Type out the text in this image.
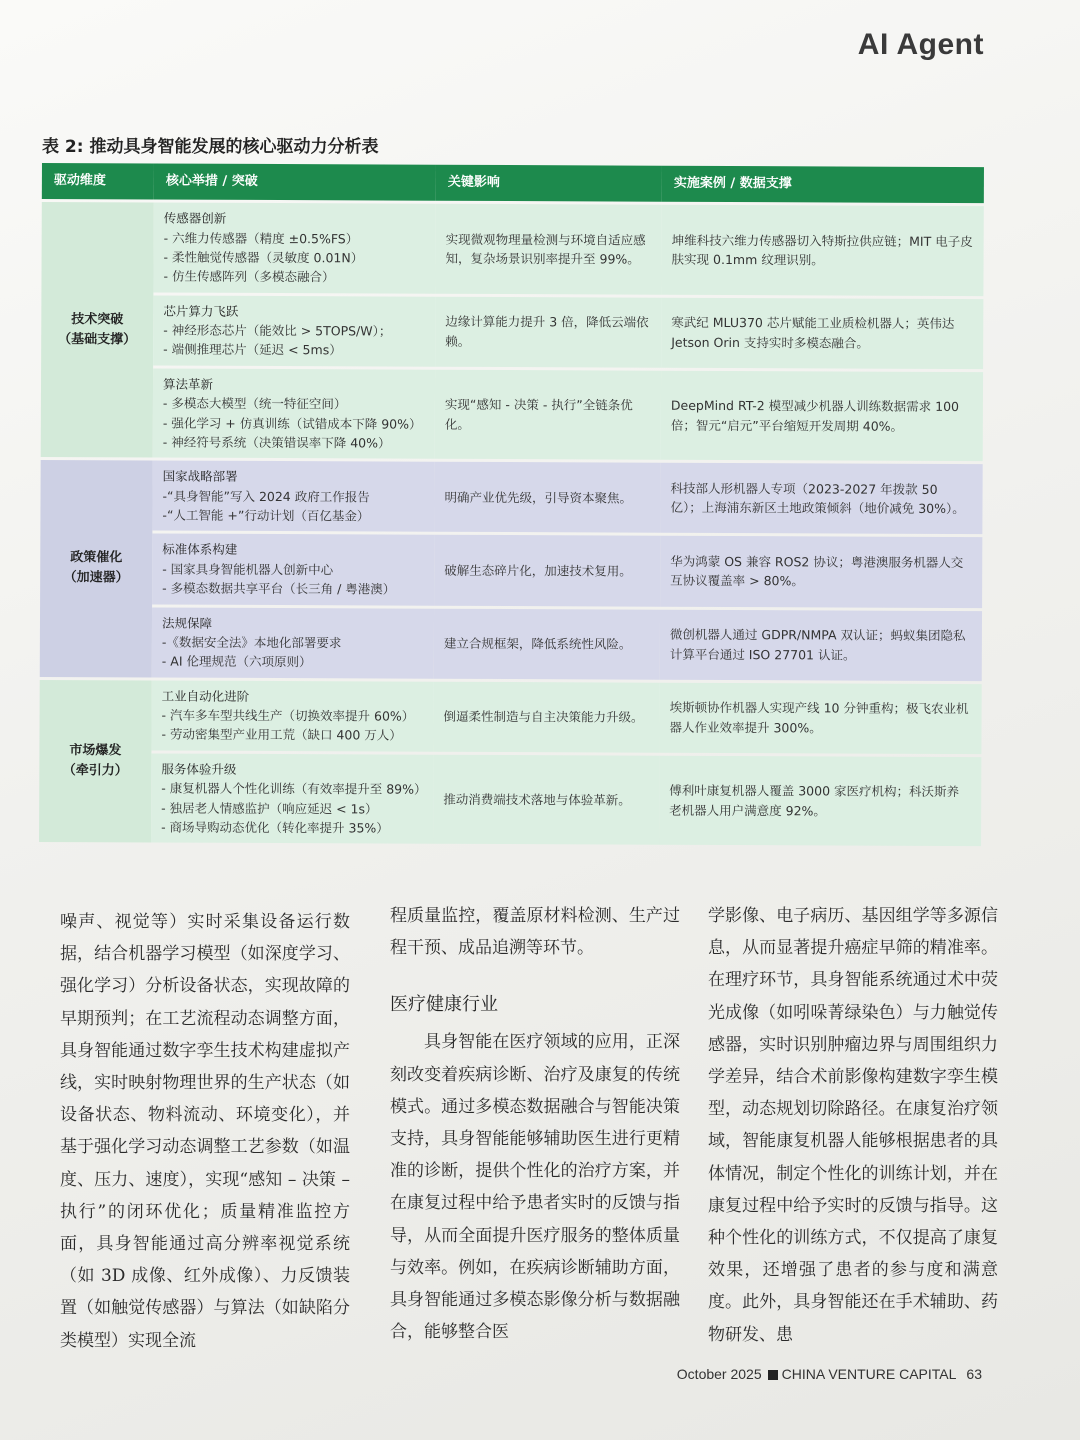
AI Agent
表 2: 推动具身智能发展的核心驱动力分析表
驱动维度	核心举措 / 突破	关键影响	实施案例 / 数据支撑

技术突破
（基础支撑）	传感器创新
- 六维力传感器（精度 ±0.5%FS）
- 柔性触觉传感器（灵敏度 0.01N）
- 仿生传感阵列（多模态融合）	实现微观物理量检测与环境自适应感知，复杂场景识别率提升至 99%。	坤维科技六维力传感器切入特斯拉供应链；MIT 电子皮肤实现 0.1mm 纹理识别。

	芯片算力飞跃
- 神经形态芯片（能效比 > 5TOPS/W）；
- 端侧推理芯片（延迟 < 5ms）	边缘计算能力提升 3 倍，降低云端依赖。	寒武纪 MLU370 芯片赋能工业质检机器人；英伟达 Jetson Orin 支持实时多模态融合。

	算法革新
- 多模态大模型（统一特征空间）
- 强化学习 + 仿真训练（试错成本下降 90%）
- 神经符号系统（决策错误率下降 40%）	实现“感知 - 决策 - 执行”全链条优化。	DeepMind RT-2 模型减少机器人训练数据需求 100 倍；智元“启元”平台缩短开发周期 40%。

政策催化
（加速器）	国家战略部署
-“具身智能”写入 2024 政府工作报告
-“人工智能 +”行动计划（百亿基金）	明确产业优先级，引导资本聚焦。	科技部人形机器人专项（2023-2027 年拨款 50 亿）；上海浦东新区土地政策倾斜（地价减免 30%）。

	标准体系构建
- 国家具身智能机器人创新中心
- 多模态数据共享平台（长三角 / 粤港澳）	破解生态碎片化，加速技术复用。	华为鸿蒙 OS 兼容 ROS2 协议；粤港澳服务机器人交互协议覆盖率 > 80%。

	法规保障
-《数据安全法》本地化部署要求
- AI 伦理规范（六项原则）	建立合规框架，降低系统性风险。	微创机器人通过 GDPR/NMPA 双认证；蚂蚁集团隐私计算平台通过 ISO 27701 认证。

市场爆发
（牵引力）	工业自动化进阶
- 汽车多车型共线生产（切换效率提升 60%）
- 劳动密集型产业用工荒（缺口 400 万人）	倒逼柔性制造与自主决策能力升级。	埃斯顿协作机器人实现产线 10 分钟重构；极飞农业机器人作业效率提升 300%。

	服务体验升级
- 康复机器人个性化训练（有效率提升至 89%）
- 独居老人情感监护（响应延迟 < 1s）
- 商场导购动态优化（转化率提升 35%）	推动消费端技术落地与体验革新。	傅利叶康复机器人覆盖 3000 家医疗机构；科沃斯养老机器人用户满意度 92%。

噪声、视觉等）实时采集设备运行数据，结合机器学习模型（如深度学习、强化学习）分析设备状态，实现故障的早期预判；在工艺流程动态调整方面，具身智能通过数字孪生技术构建虚拟产线，实时映射物理世界的生产状态（如设备状态、物料流动、环境变化），并基于强化学习动态调整工艺参数（如温度、压力、速度），实现“感知 – 决策 – 执行”的闭环优化；质量精准监控方面，具身智能通过高分辨率视觉系统（如 3D 成像、红外成像）、力反馈装置（如触觉传感器）与算法（如缺陷分类模型）实现全流

程质量监控，覆盖原材料检测、生产过程干预、成品追溯等环节。

医疗健康行业

具身智能在医疗领域的应用，正深刻改变着疾病诊断、治疗及康复的传统模式。通过多模态数据融合与智能决策支持，具身智能能够辅助医生进行更精准的诊断，提供个性化的治疗方案，并在康复过程中给予患者实时的反馈与指导，从而全面提升医疗服务的整体质量与效率。例如，在疾病诊断辅助方面，具身智能通过多模态影像分析与数据融合，能够整合医

学影像、电子病历、基因组学等多源信息，从而显著提升癌症早筛的精准率。在理疗环节，具身智能系统通过术中荧光成像（如吲哚菁绿染色）与力触觉传感器，实时识别肿瘤边界与周围组织力学差异，结合术前影像构建数字孪生模型，动态规划切除路径。在康复治疗领域，智能康复机器人能够根据患者的具体情况，制定个性化的训练计划，并在康复过程中给予实时的反馈与指导。这种个性化的训练方式，不仅提高了康复效果，还增强了患者的参与度和满意度。此外，具身智能还在手术辅助、药物研发、患

October 2025 CHINA VENTURE CAPITAL 63
